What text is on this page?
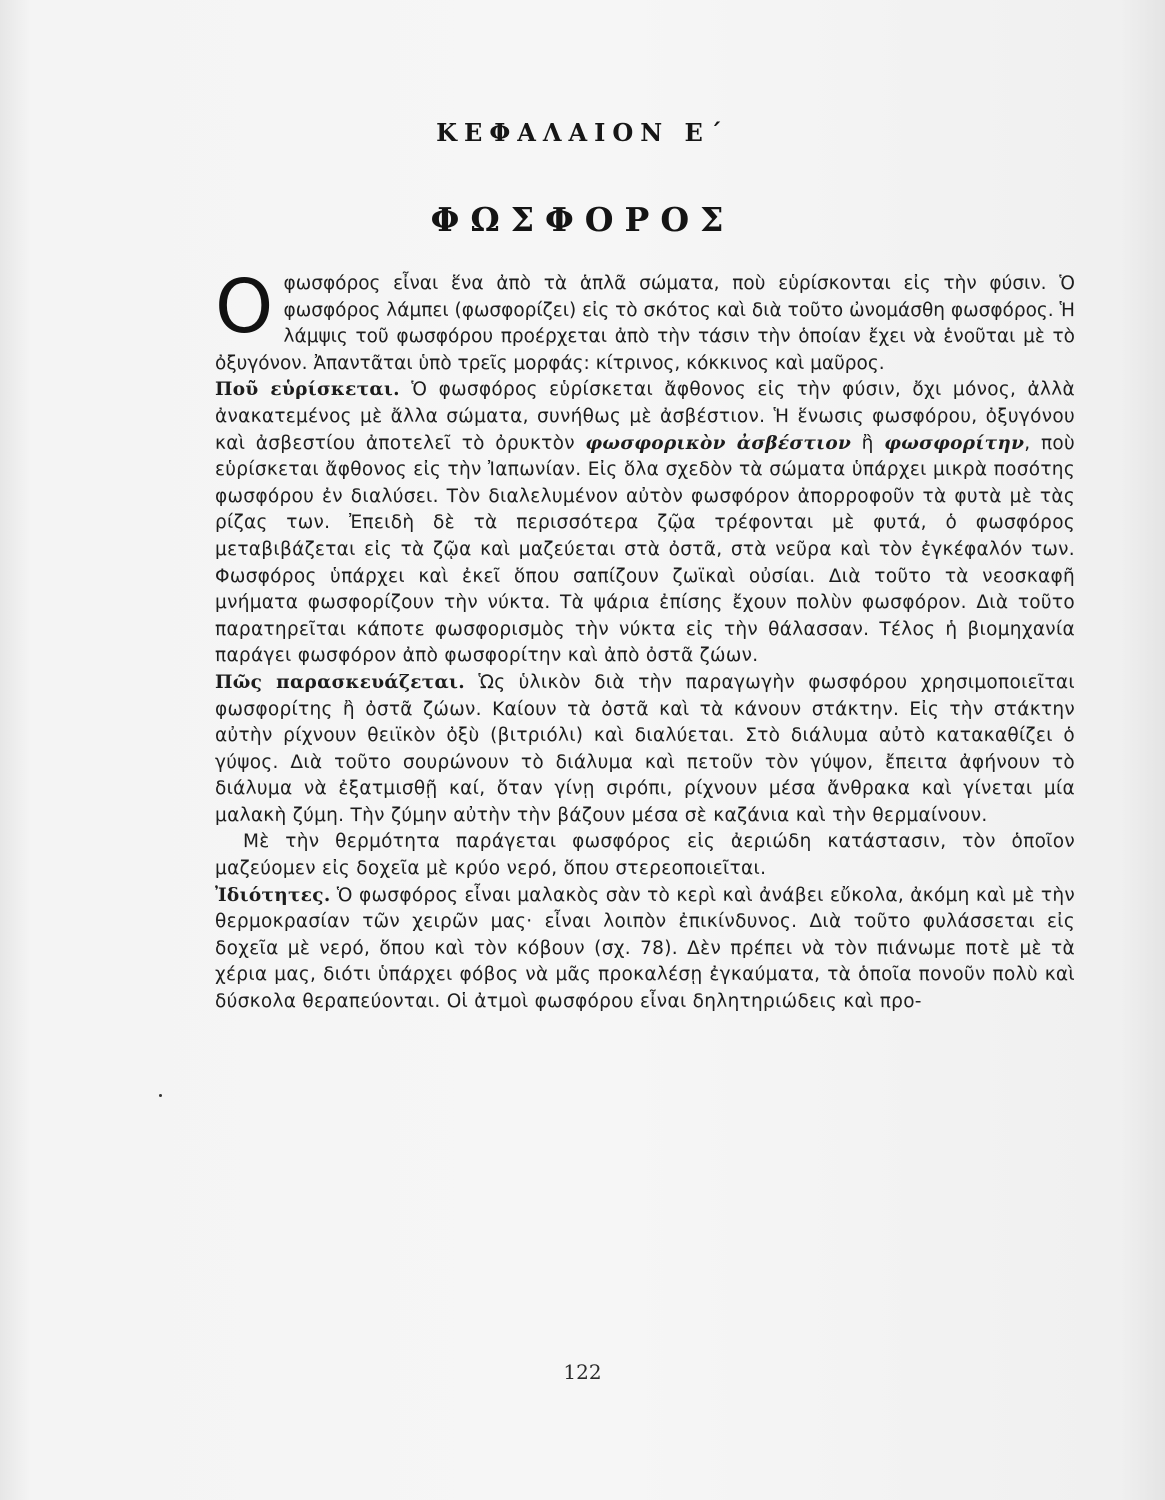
ΚΕΦΑΛΑΙΟΝ Ε΄
ΦΩΣΦΟΡΟΣ

Οφωσφόρος εἶναι ἕνα ἀπὸ τὰ ἁπλᾶ σώματα, ποὺ εὑρίσκονται εἰς τὴν φύσιν. Ὁ φωσφόρος λάμπει (φωσφορίζει) εἰς τὸ σκότος καὶ διὰ τοῦτο ὠνομάσθη φωσφόρος. Ἡ λάμψις τοῦ φωσφόρου προέρχεται ἀπὸ τὴν τάσιν τὴν ὁποίαν ἔχει νὰ ἑνοῦται μὲ τὸ ὀξυγόνον. Ἀπαντᾶται ὑπὸ τρεῖς μορφάς: κίτρινος, κόκκινος καὶ μαῦρος.

Ποῦ εὑρίσκεται. Ὁ φωσφόρος εὑρίσκεται ἄφθονος εἰς τὴν φύσιν, ὄχι μόνος, ἀλλὰ ἀνακατεμένος μὲ ἄλλα σώματα, συνήθως μὲ ἀσβέστιον. Ἡ ἕνωσις φωσφόρου, ὀξυγόνου καὶ ἀσβεστίου ἀποτελεῖ τὸ ὀρυκτὸν φωσφορικὸν ἀσβέστιον ἢ φωσφορίτην, ποὺ εὑρίσκεται ἄφθονος εἰς τὴν Ἰαπωνίαν. Εἰς ὅλα σχεδὸν τὰ σώματα ὑπάρχει μικρὰ ποσότης φωσφόρου ἐν διαλύσει. Τὸν διαλελυμένον αὐτὸν φωσφόρον ἀπορροφοῦν τὰ φυτὰ μὲ τὰς ρίζας των. Ἐπειδὴ δὲ τὰ περισσότερα ζῷα τρέφονται μὲ φυτά, ὁ φωσφόρος μεταβιβάζεται εἰς τὰ ζῷα καὶ μαζεύεται στὰ ὀστᾶ, στὰ νεῦρα καὶ τὸν ἐγκέφαλόν των. Φωσφόρος ὑπάρχει καὶ ἐκεῖ ὅπου σαπίζουν ζωϊκαὶ οὐσίαι. Διὰ τοῦτο τὰ νεοσκαφῆ μνήματα φωσφορίζουν τὴν νύκτα. Τὰ ψάρια ἐπίσης ἔχουν πολὺν φωσφόρον. Διὰ τοῦτο παρατηρεῖται κάποτε φωσφορισμὸς τὴν νύκτα εἰς τὴν θάλασσαν. Τέλος ἡ βιομηχανία παράγει φωσφόρον ἀπὸ φωσφορίτην καὶ ἀπὸ ὀστᾶ ζώων.

Πῶς παρασκευάζεται. Ὡς ὑλικὸν διὰ τὴν παραγωγὴν φωσφόρου χρησιμοποιεῖται φωσφορίτης ἢ ὀστᾶ ζώων. Καίουν τὰ ὀστᾶ καὶ τὰ κάνουν στάκτην. Εἰς τὴν στάκτην αὐτὴν ρίχνουν θειϊκὸν ὀξὺ (βιτριόλι) καὶ διαλύεται. Στὸ διάλυμα αὐτὸ κατακαθίζει ὁ γύψος. Διὰ τοῦτο σουρώνουν τὸ διάλυμα καὶ πετοῦν τὸν γύψον, ἔπειτα ἀφήνουν τὸ διάλυμα νὰ ἐξατμισθῇ καί, ὅταν γίνῃ σιρόπι, ρίχνουν μέσα ἄνθρακα καὶ γίνεται μία μαλακὴ ζύμη. Τὴν ζύμην αὐτὴν τὴν βάζουν μέσα σὲ καζάνια καὶ τὴν θερμαίνουν.

Μὲ τὴν θερμότητα παράγεται φωσφόρος εἰς ἀεριώδη κατάστασιν, τὸν ὁποῖον μαζεύομεν εἰς δοχεῖα μὲ κρύο νερό, ὅπου στερεοποιεῖται.

Ἰδιότητες. Ὁ φωσφόρος εἶναι μαλακὸς σὰν τὸ κερὶ καὶ ἀνάβει εὔκολα, ἀκόμη καὶ μὲ τὴν θερμοκρασίαν τῶν χειρῶν μας· εἶναι λοιπὸν ἐπικίνδυνος. Διὰ τοῦτο φυλάσσεται εἰς δοχεῖα μὲ νερό, ὅπου καὶ τὸν κόβουν (σχ. 78). Δὲν πρέπει νὰ τὸν πιάνωμε ποτὲ μὲ τὰ χέρια μας, διότι ὑπάρχει φόβος νὰ μᾶς προκαλέσῃ ἐγκαύματα, τὰ ὁποῖα πονοῦν πολὺ καὶ δύσκολα θεραπεύονται. Οἱ ἀτμοὶ φωσφόρου εἶναι δηλητηριώδεις καὶ προ-

122
